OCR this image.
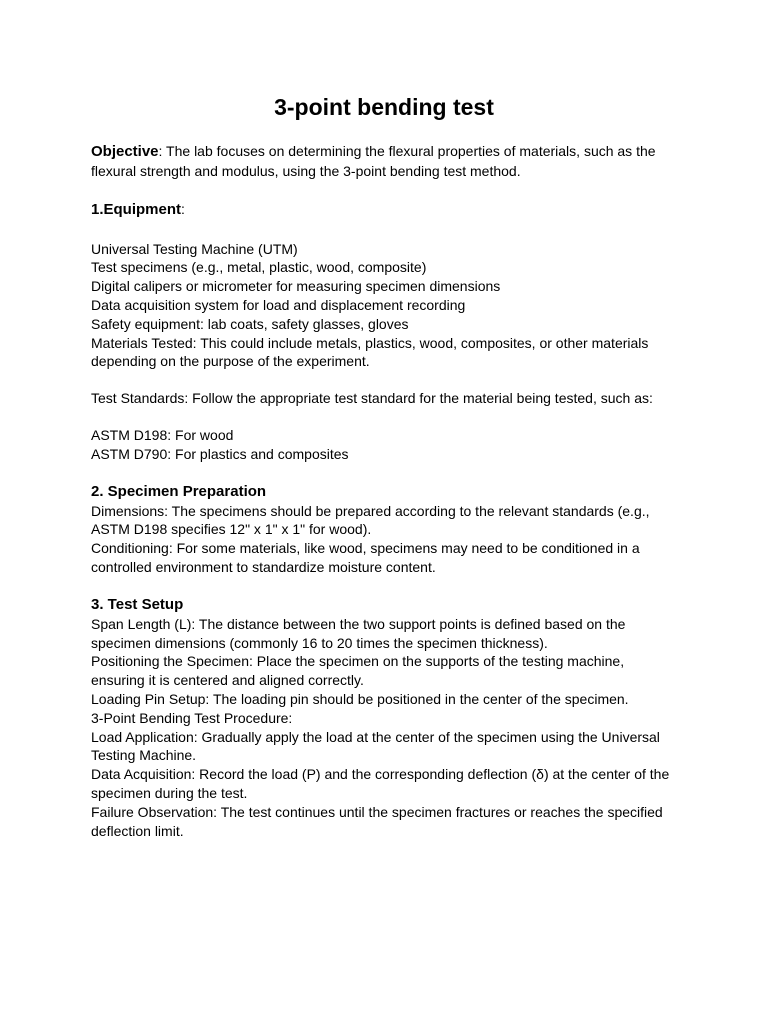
3-point bending test

Objective: The lab focuses on determining the flexural properties of materials, such as the flexural strength and modulus, using the 3-point bending test method.

1.Equipment:

Universal Testing Machine (UTM)

Test specimens (e.g., metal, plastic, wood, composite)

Digital calipers or micrometer for measuring specimen dimensions

Data acquisition system for load and displacement recording

Safety equipment: lab coats, safety glasses, gloves

Materials Tested: This could include metals, plastics, wood, composites, or other materials depending on the purpose of the experiment.

Test Standards: Follow the appropriate test standard for the material being tested, such as:

ASTM D198: For wood

ASTM D790: For plastics and composites

2. Specimen Preparation

Dimensions: The specimens should be prepared according to the relevant standards (e.g., ASTM D198 specifies 12" x 1" x 1" for wood).

Conditioning: For some materials, like wood, specimens may need to be conditioned in a controlled environment to standardize moisture content.

3. Test Setup

Span Length (L): The distance between the two support points is defined based on the specimen dimensions (commonly 16 to 20 times the specimen thickness).

Positioning the Specimen: Place the specimen on the supports of the testing machine, ensuring it is centered and aligned correctly.

Loading Pin Setup: The loading pin should be positioned in the center of the specimen.

3-Point Bending Test Procedure:

Load Application: Gradually apply the load at the center of the specimen using the Universal Testing Machine.

Data Acquisition: Record the load (P) and the corresponding deflection (δ) at the center of the specimen during the test.

Failure Observation: The test continues until the specimen fractures or reaches the specified deflection limit.
